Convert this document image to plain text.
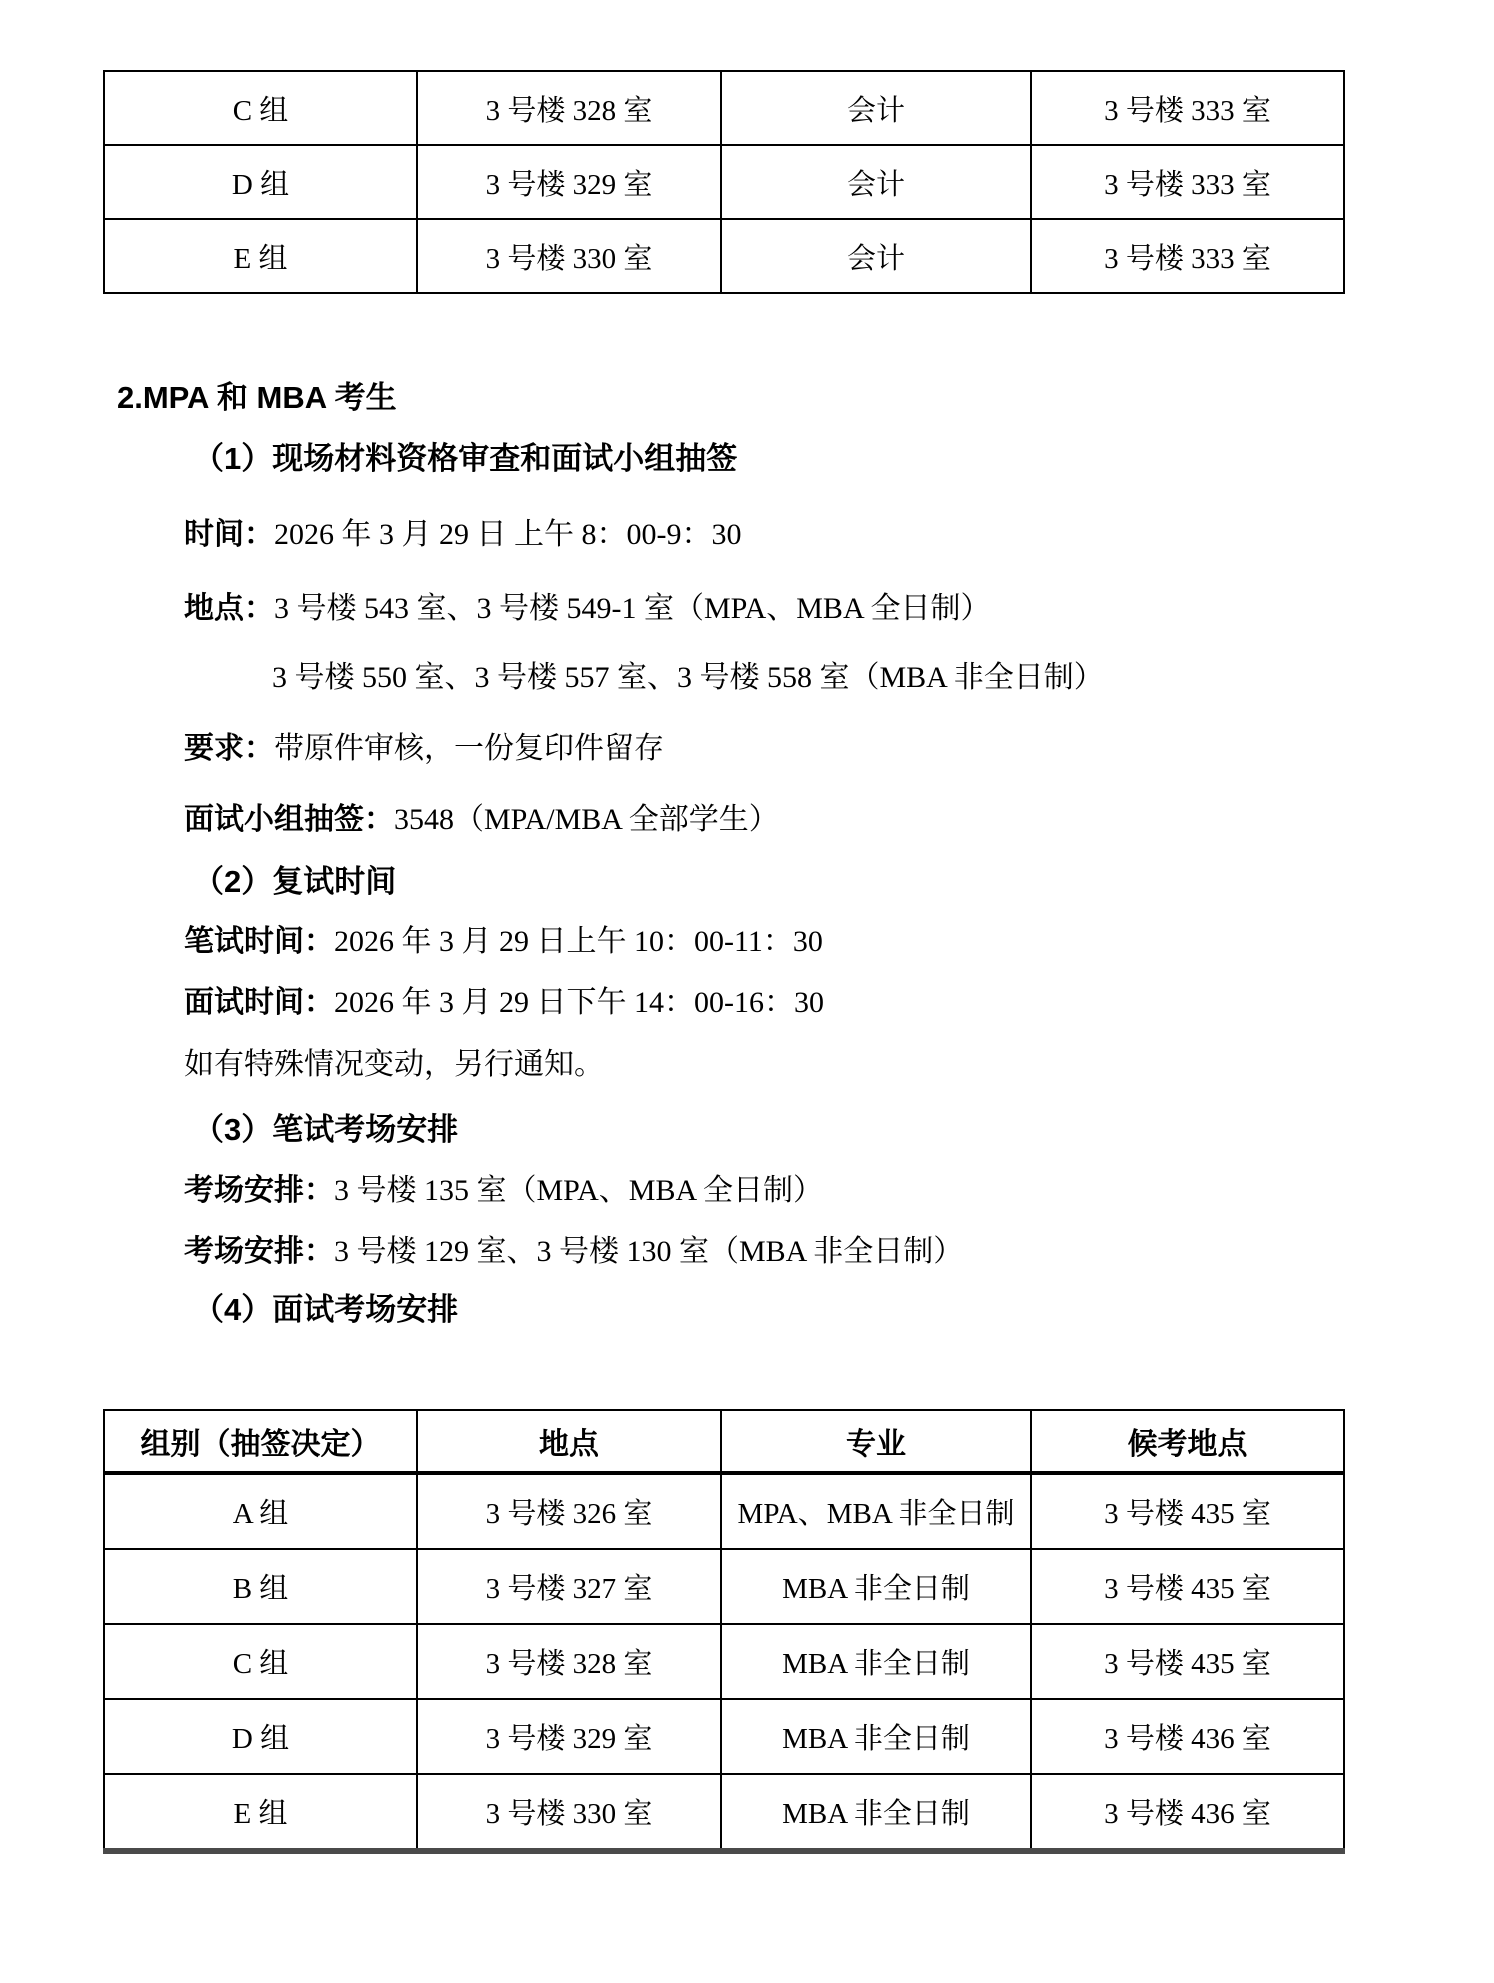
C 组	3 号楼 328 室	会计	3 号楼 333 室
D 组	3 号楼 329 室	会计	3 号楼 333 室
E 组	3 号楼 330 室	会计	3 号楼 333 室
2.MPA 和 MBA 考生
（1）现场材料资格审查和面试小组抽签
时间：2026 年 3 月 29 日 上午 8：00-9：30
地点：3 号楼 543 室、3 号楼 549-1 室（MPA、MBA 全日制）
3 号楼 550 室、3 号楼 557 室、3 号楼 558 室（MBA 非全日制）
要求：带原件审核，一份复印件留存
面试小组抽签：3548（MPA/MBA 全部学生）
（2）复试时间
笔试时间：2026 年 3 月 29 日上午 10：00-11：30
面试时间：2026 年 3 月 29 日下午 14：00-16：30
如有特殊情况变动，另行通知。
（3）笔试考场安排
考场安排：3 号楼 135 室（MPA、MBA 全日制）
考场安排：3 号楼 129 室、3 号楼 130 室（MBA 非全日制）
（4）面试考场安排
组别（抽签决定）	地点	专业	候考地点
A 组	3 号楼 326 室	MPA、MBA 非全日制	3 号楼 435 室
B 组	3 号楼 327 室	MBA 非全日制	3 号楼 435 室
C 组	3 号楼 328 室	MBA 非全日制	3 号楼 435 室
D 组	3 号楼 329 室	MBA 非全日制	3 号楼 436 室
E 组	3 号楼 330 室	MBA 非全日制	3 号楼 436 室
